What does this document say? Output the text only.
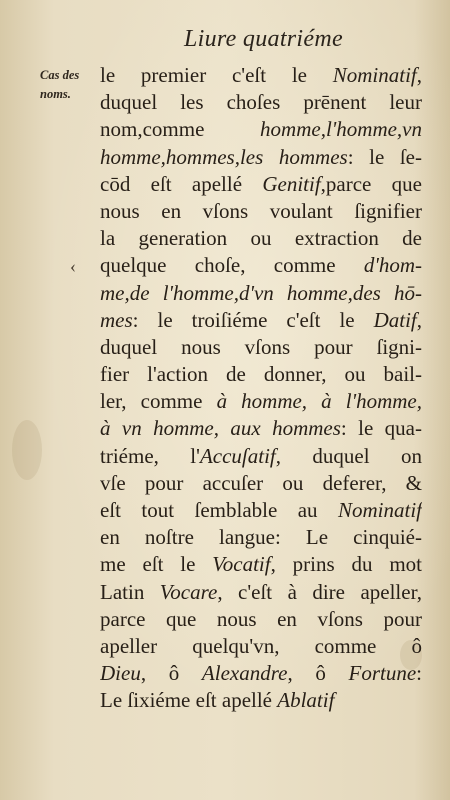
Liure quatriéme
Cas des
noms.
‹
le premier c'eſt le Nominatif,
duquel les choſes prēnent leur
nom,comme homme,l'homme,vn
homme,hommes,les hommes: le ſe-
cōd eſt apellé Genitif,parce que
nous en vſons voulant ſignifier
la generation ou extraction de
quelque choſe, comme d'hom-
me,de l'homme,d'vn homme,des hō-
mes: le troiſiéme c'eſt le Datif,
duquel nous vſons pour ſigni-
fier l'action de donner, ou bail-
ler, comme à homme, à l'homme,
à vn homme, aux hommes: le qua-
triéme, l'Accuſatif, duquel on
vſe pour accuſer ou deferer, &
eſt tout ſemblable au Nominatif
en noſtre langue: Le cinquié-
me eſt le Vocatif, prins du mot
Latin Vocare, c'eſt à dire apeller,
parce que nous en vſons pour
apeller quelqu'vn, comme ô
Dieu, ô Alexandre, ô Fortune:
Le ſixiéme eſt apellé Ablatif
